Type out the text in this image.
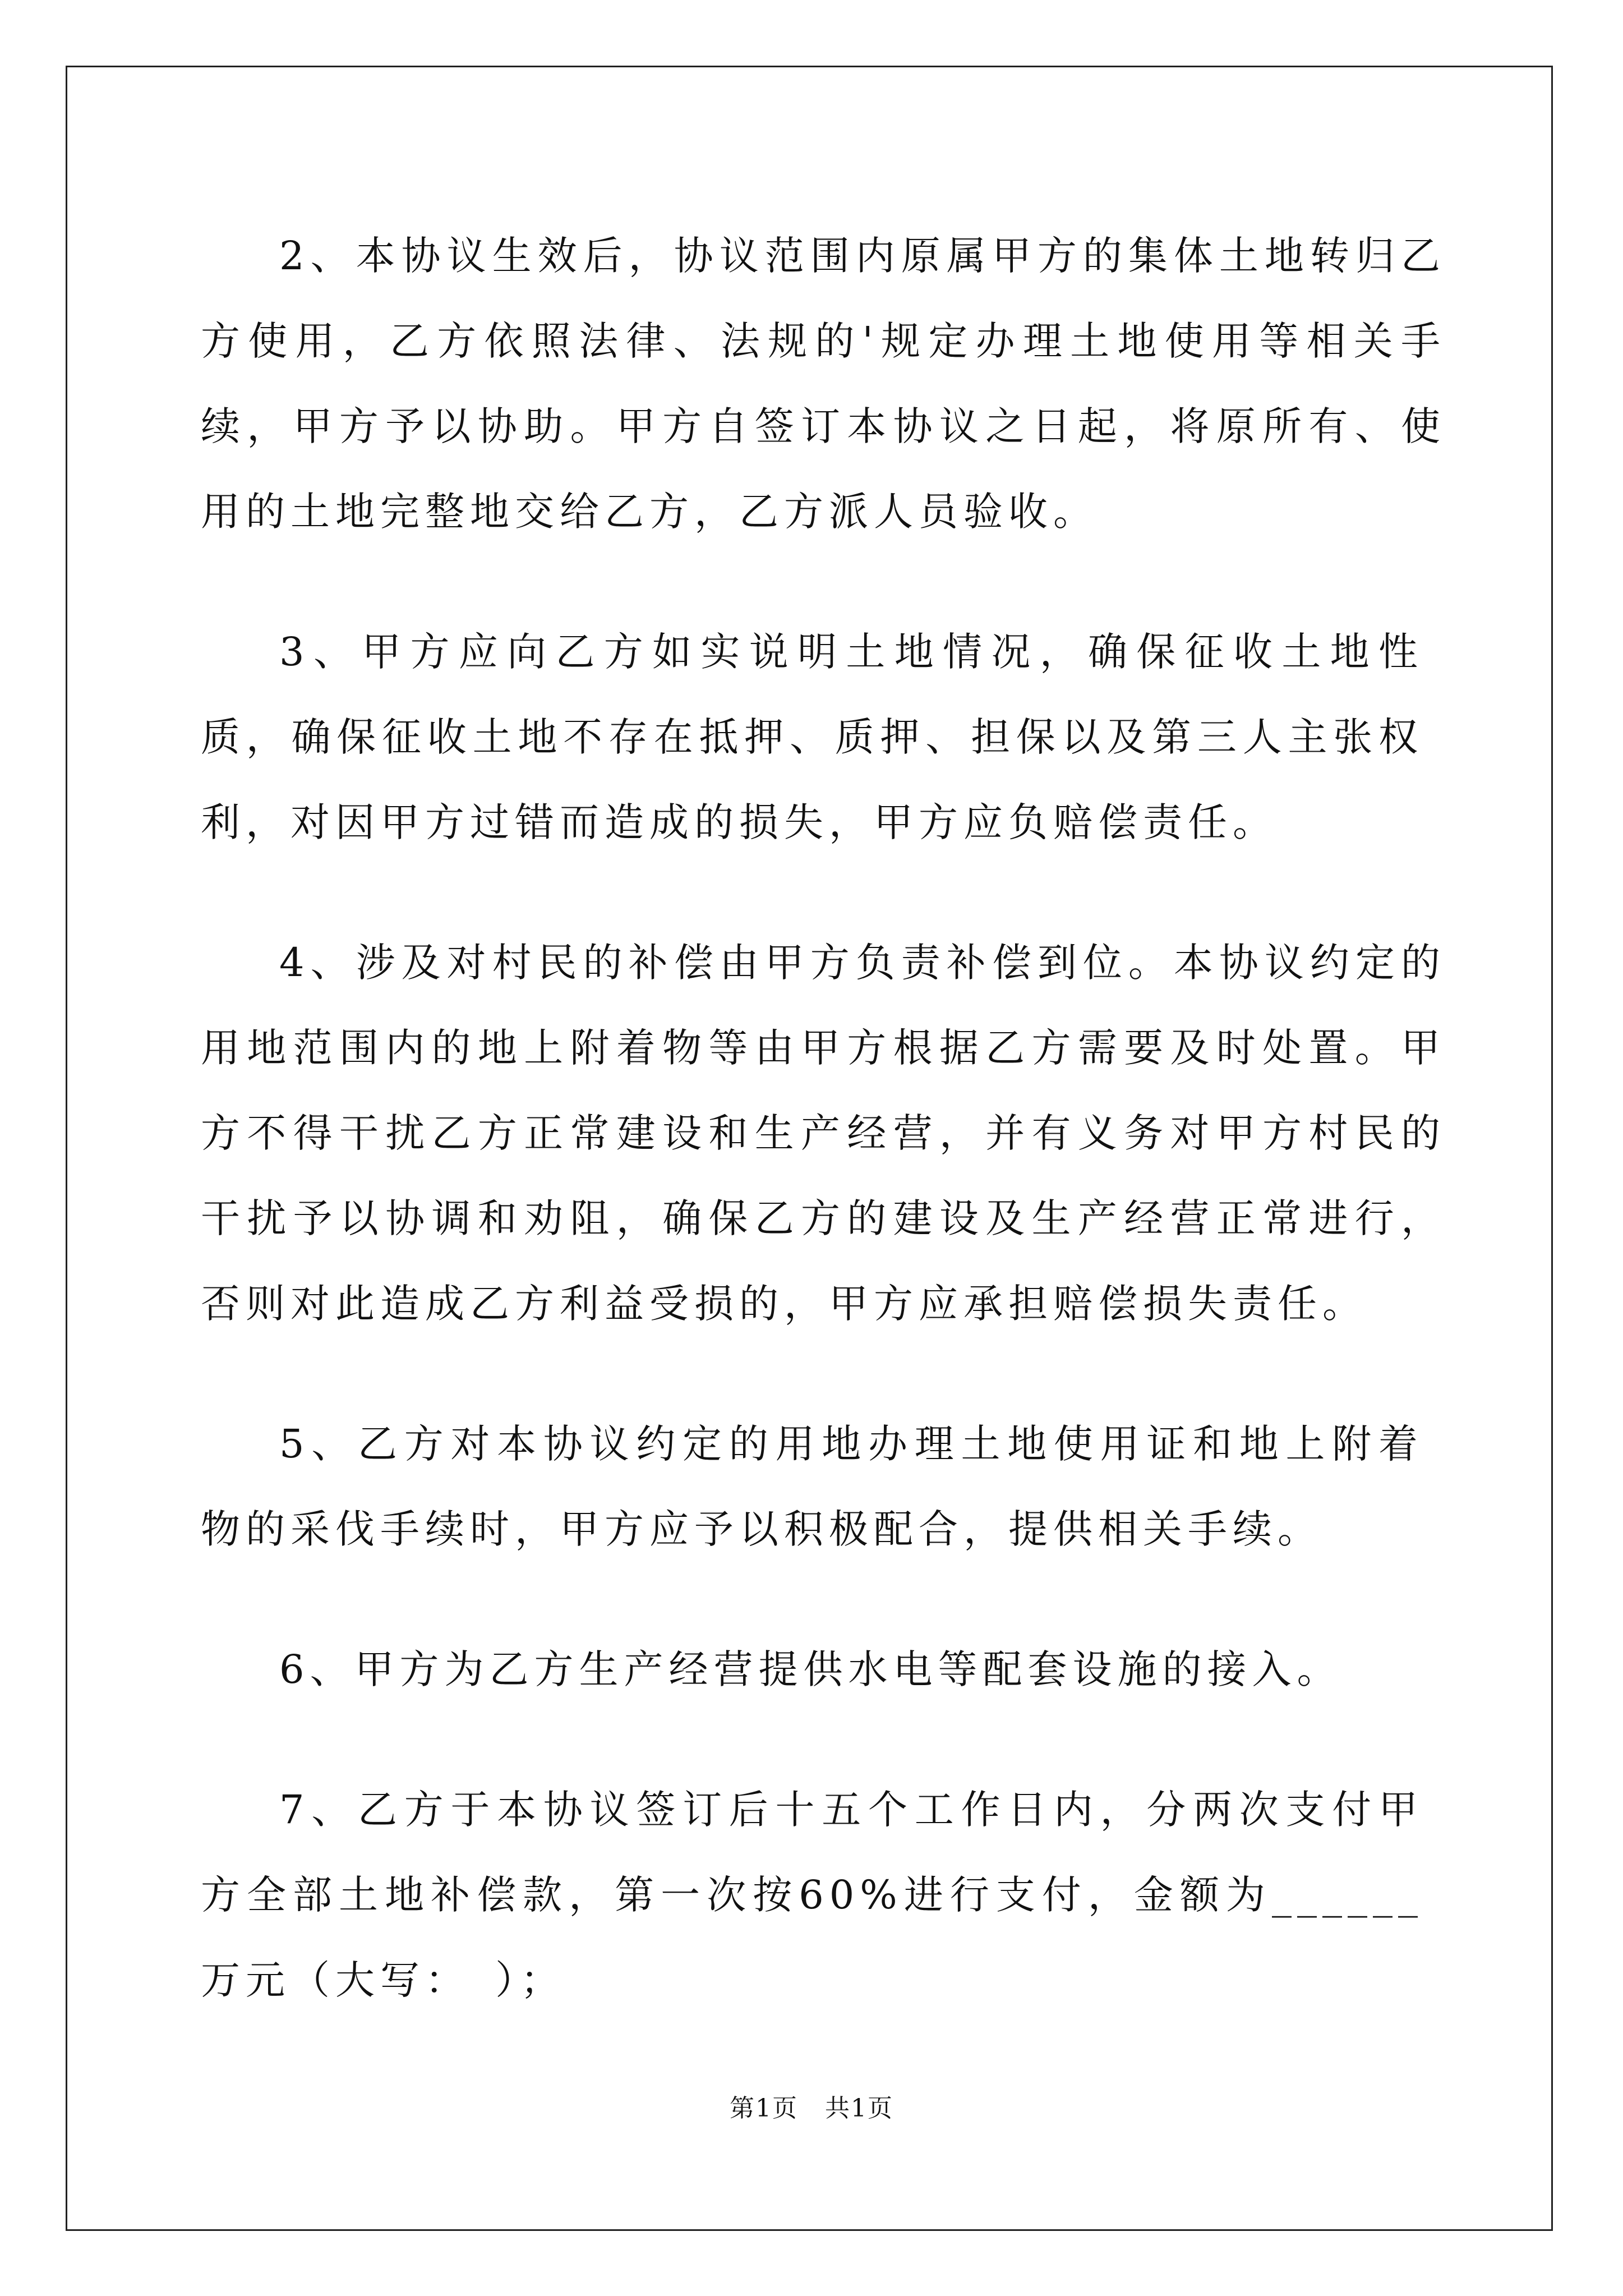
2、本协议生效后，协议范围内原属甲方的集体土地转归乙方使用，乙方依照法律、法规的'规定办理土地使用等相关手续，甲方予以协助。甲方自签订本协议之日起，将原所有、使用的土地完整地交给乙方，乙方派人员验收。

3、甲方应向乙方如实说明土地情况，确保征收土地性质，确保征收土地不存在抵押、质押、担保以及第三人主张权利，对因甲方过错而造成的损失，甲方应负赔偿责任。

4、涉及对村民的补偿由甲方负责补偿到位。本协议约定的用地范围内的地上附着物等由甲方根据乙方需要及时处置。甲方不得干扰乙方正常建设和生产经营，并有义务对甲方村民的干扰予以协调和劝阻，确保乙方的建设及生产经营正常进行，否则对此造成乙方利益受损的，甲方应承担赔偿损失责任。

5、乙方对本协议约定的用地办理土地使用证和地上附着物的采伐手续时，甲方应予以积极配合，提供相关手续。

6、甲方为乙方生产经营提供水电等配套设施的接入。

7、乙方于本协议签订后十五个工作日内，分两次支付甲方全部土地补偿款，第一次按60%进行支付，金额为______万元（大写：　）；

第1页 共1页
